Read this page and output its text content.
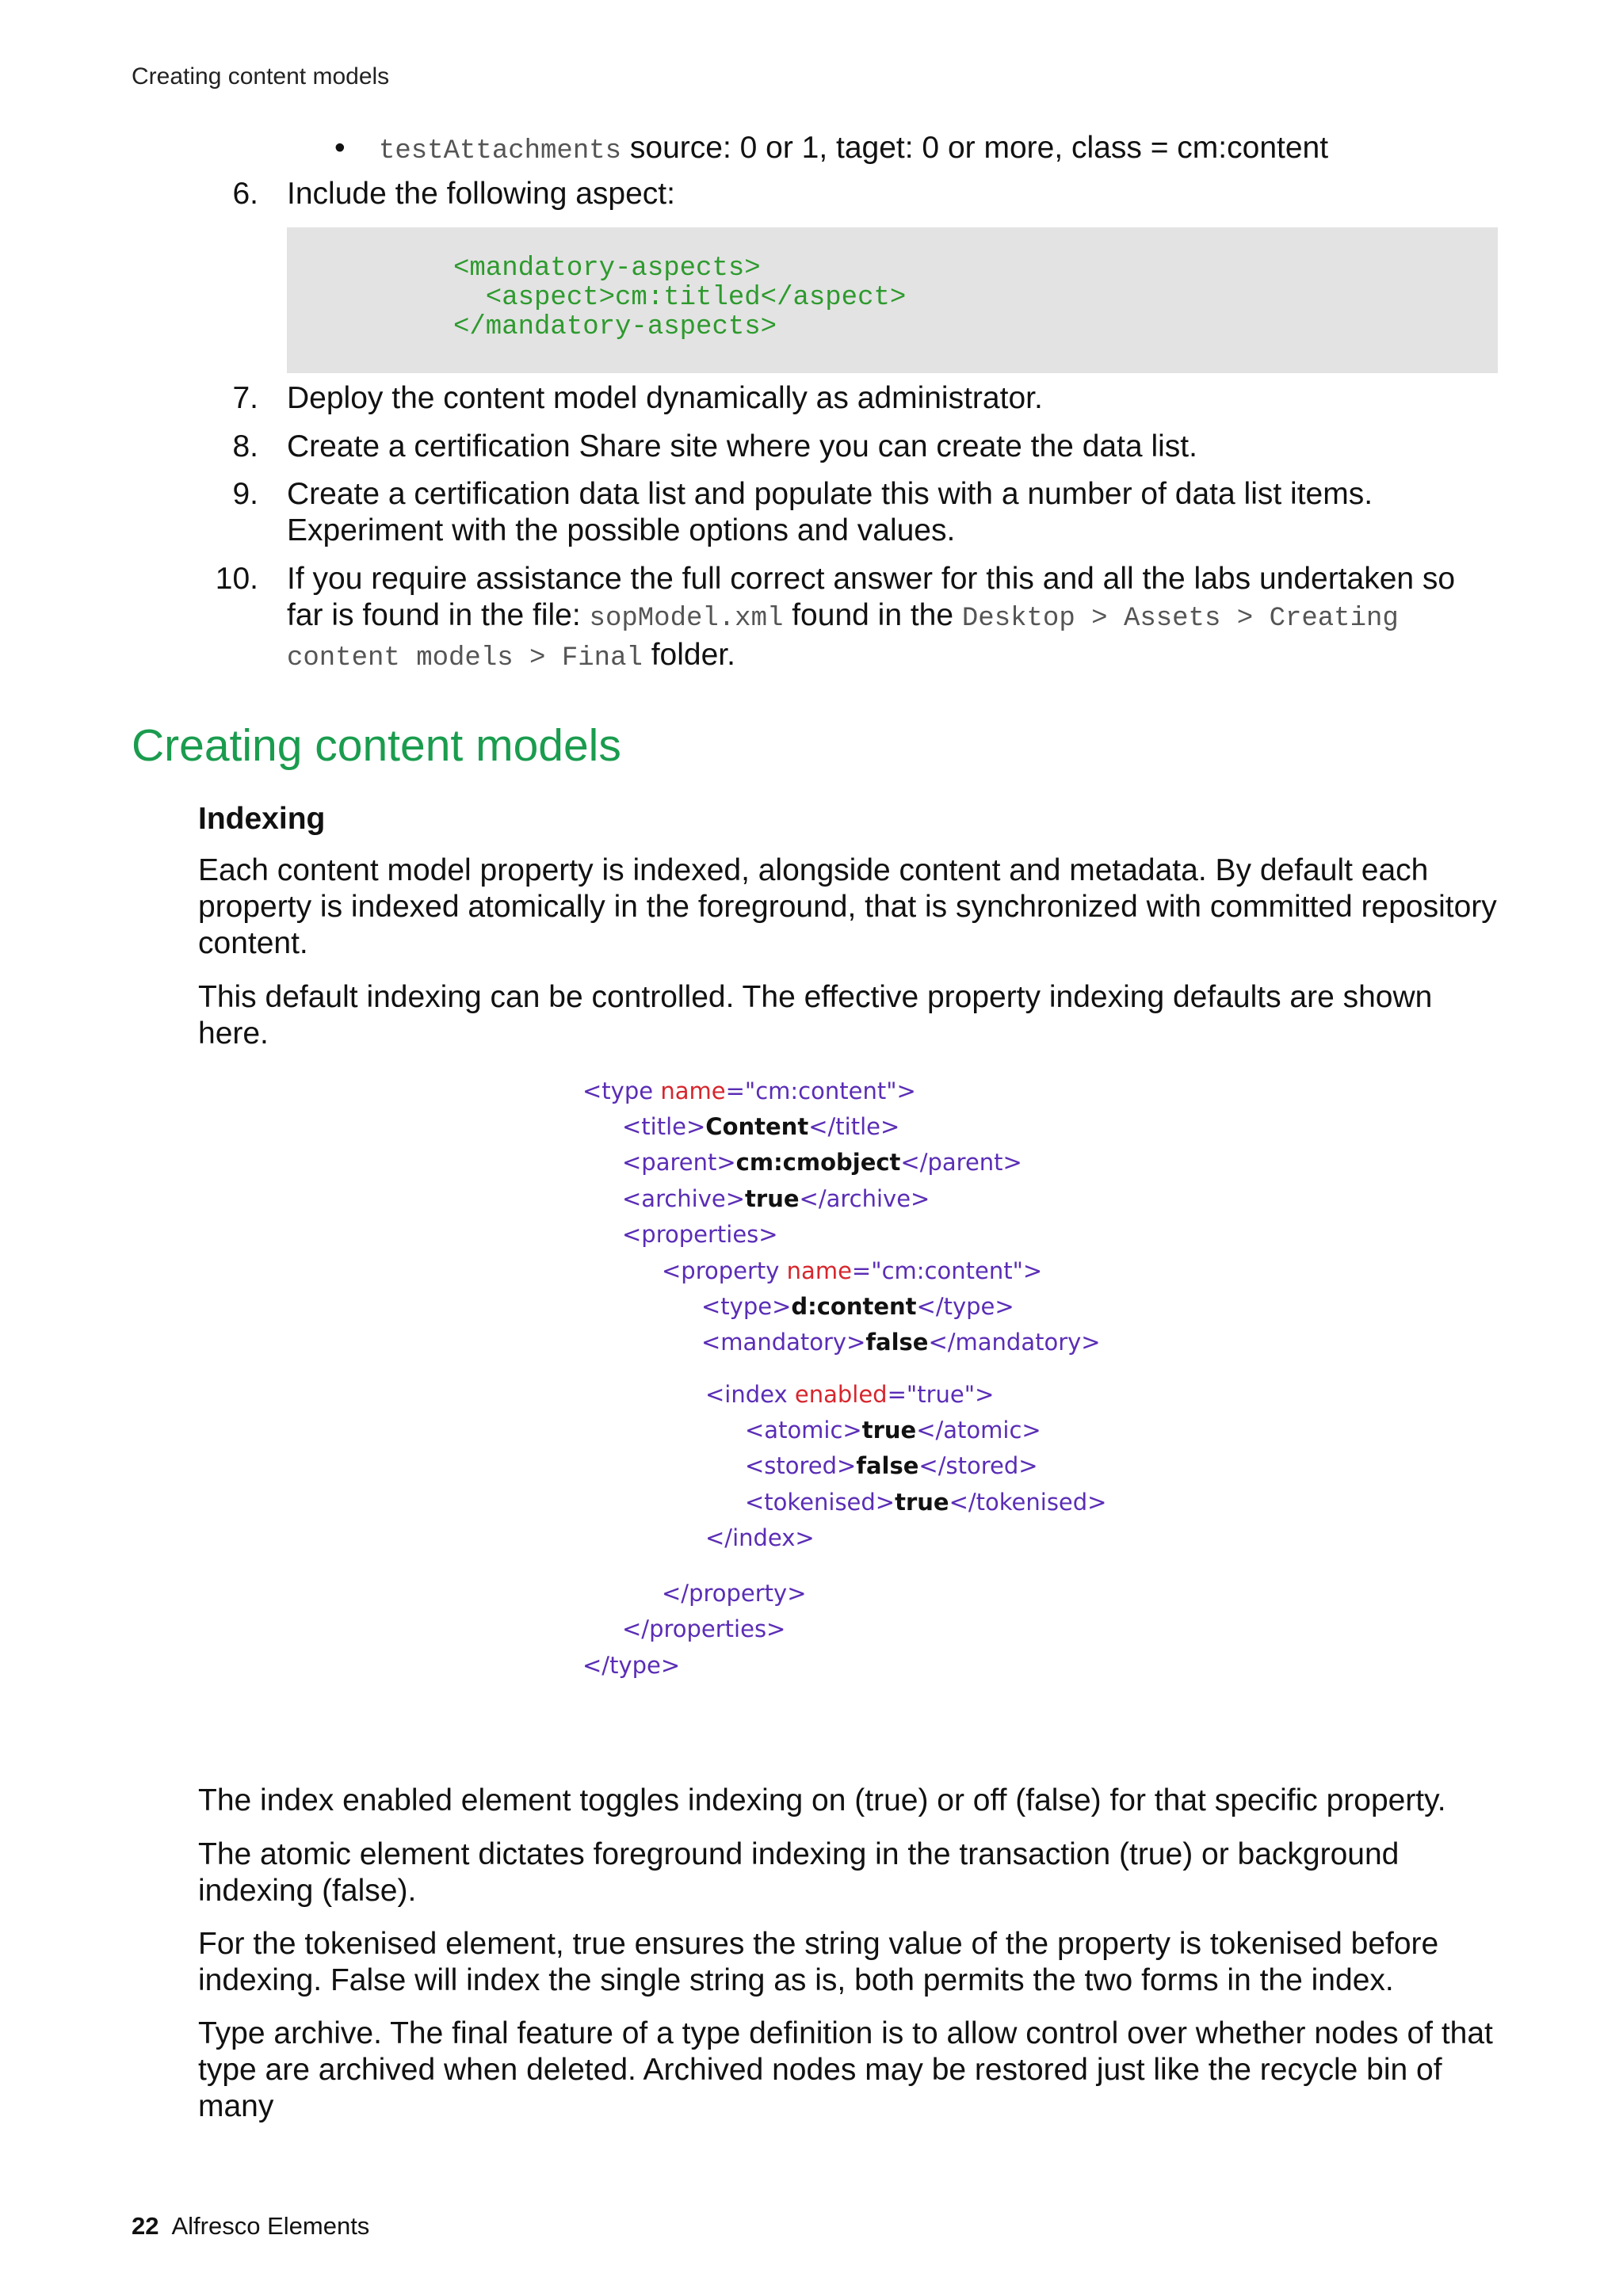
Creating content models
• testAttachments source: 0 or 1, taget: 0 or more, class = cm:content
6. Include the following aspect:
<mandatory-aspects>
<aspect>cm:titled</aspect>
</mandatory-aspects>
7. Deploy the content model dynamically as administrator.
8. Create a certification Share site where you can create the data list.
9. Create a certification data list and populate this with a number of data list items. Experiment with the possible options and values.
10. If you require assistance the full correct answer for this and all the labs undertaken so far is found in the file: sopModel.xml found in the Desktop > Assets > Creating content models > Final folder.
Creating content models
Indexing
Each content model property is indexed, alongside content and metadata. By default each property is indexed atomically in the foreground, that is synchronized with committed repository content.
This default indexing can be controlled. The effective property indexing defaults are shown here.
<type name="cm:content">
<title>Content</title>
<parent>cm:cmobject</parent>
<archive>true</archive>
<properties>
<property name="cm:content">
<type>d:content</type>
<mandatory>false</mandatory>
<index enabled="true">
<atomic>true</atomic>
<stored>false</stored>
<tokenised>true</tokenised>
</index>
</property>
</properties>
</type>
The index enabled element toggles indexing on (true) or off (false) for that specific property.
The atomic element dictates foreground indexing in the transaction (true) or background indexing (false).
For the tokenised element, true ensures the string value of the property is tokenised before indexing. False will index the single string as is, both permits the two forms in the index.
Type archive. The final feature of a type definition is to allow control over whether nodes of that type are archived when deleted. Archived nodes may be restored just like the recycle bin of many
22 Alfresco Elements
